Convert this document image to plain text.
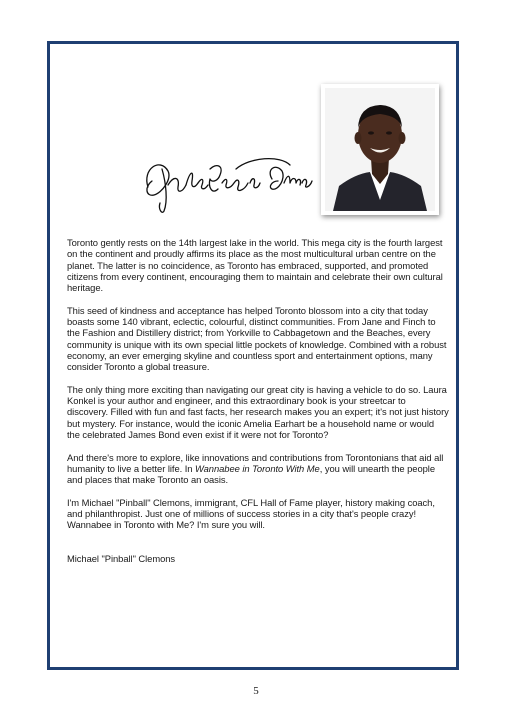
Toronto gently rests on the 14th largest lake in the world. This mega city is the fourth largest on the continent and proudly affirms its place as the most multicultural urban centre on the planet. The latter is no coincidence, as Toronto has embraced, supported, and promoted citizens from every continent, encouraging them to maintain and celebrate their own cultural heritage.

This seed of kindness and acceptance has helped Toronto blossom into a city that today boasts some 140 vibrant, eclectic, colourful, distinct communities. From Jane and Finch to the Fashion and Distillery district; from Yorkville to Cabbagetown and the Beaches, every community is unique with its own special little pockets of knowledge. Combined with a robust economy, an ever emerging skyline and countless sport and entertainment options, many consider Toronto a global treasure.

The only thing more exciting than navigating our great city is having a vehicle to do so. Laura Konkel is your author and engineer, and this extraordinary book is your streetcar to discovery. Filled with fun and fast facts, her research makes you an expert; it's not just history but mystery. For instance, would the iconic Amelia Earhart be a household name or would the celebrated James Bond even exist if it were not for Toronto?

And there's more to explore, like innovations and contributions from Torontonians that aid all humanity to live a better life. In Wannabee in Toronto With Me, you will unearth the people and places that make Toronto an oasis.

I'm Michael "Pinball" Clemons, immigrant, CFL Hall of Fame player, history making coach, and philanthropist. Just one of millions of success stories in a city that's people crazy! Wannabee in Toronto with Me? I'm sure you will.

Michael "Pinball" Clemons

5
